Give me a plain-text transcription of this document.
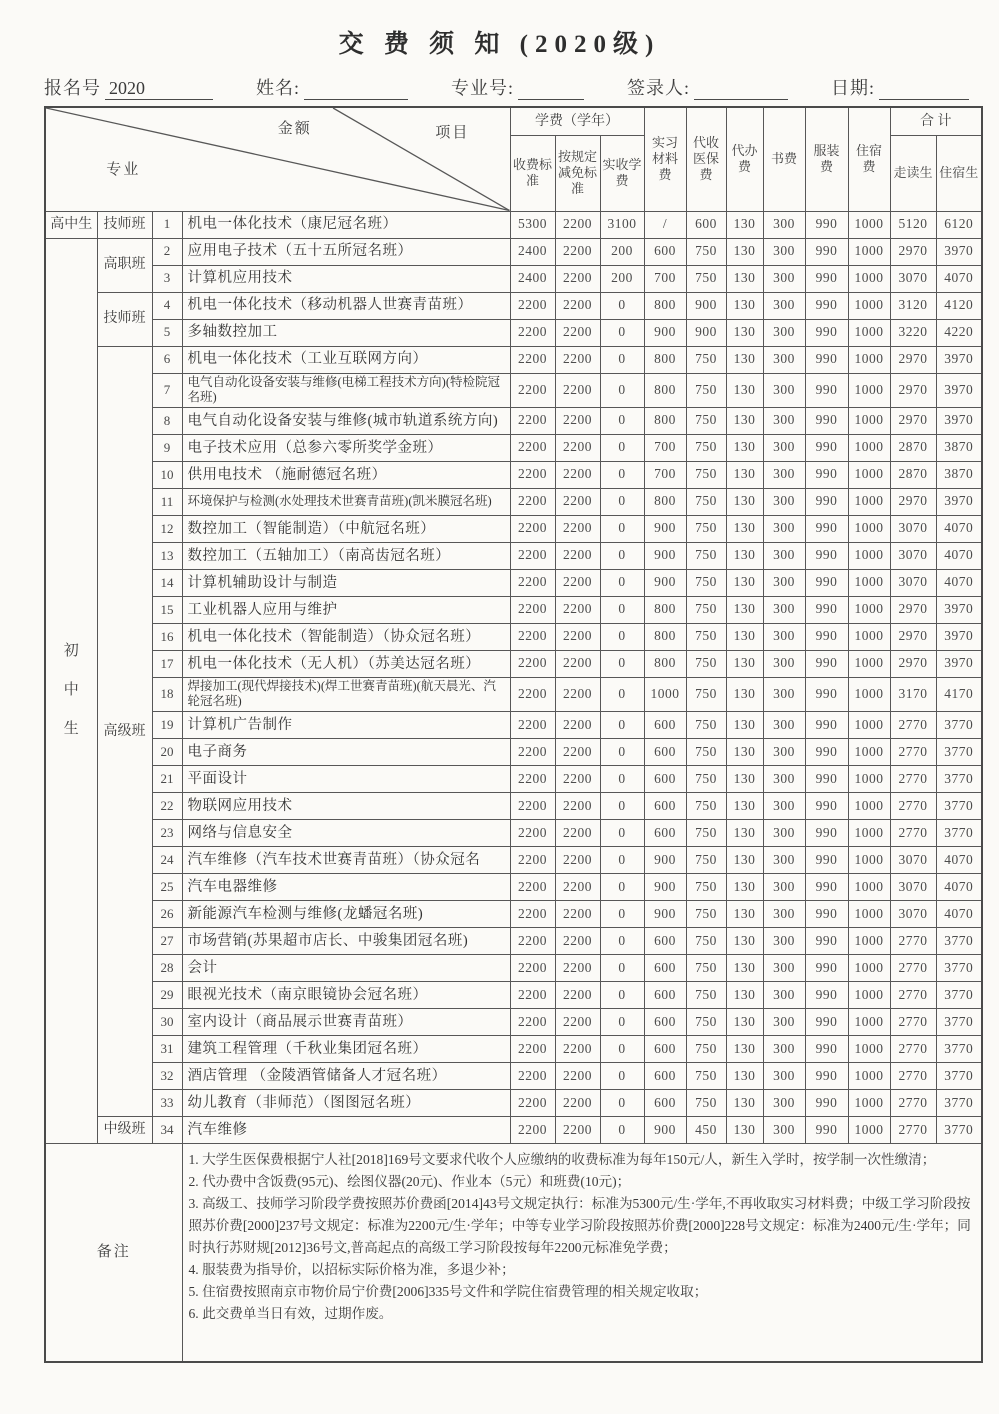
交 费 须 知 (2020级)
报名号 2020	姓名:	专业号:	签录人:	日期:
金额 项目
专业				学费（学年）			实习材料费	代收医保费	代办费	书费	服装费	住宿费	合 计	
				收费标准	按规定减免标准	实收学费							走读生	住宿生
高中生	技师班	1	机电一体化技术（康尼冠名班）	5300	2200	3100	/	600	130	300	990	1000	5120	6120

初
中
生	高职班	2	应用电子技术（五十五所冠名班）	2400	2200	200	600	750	130	300	990	1000	2970	3970
		3	计算机应用技术	2400	2200	200	700	750	130	300	990	1000	3070	4070
	技师班	4	机电一体化技术（移动机器人世赛青苗班）	2200	2200	0	800	900	130	300	990	1000	3120	4120
		5	多轴数控加工	2200	2200	0	900	900	130	300	990	1000	3220	4220
	高级班	6	机电一体化技术（工业互联网方向）	2200	2200	0	800	750	130	300	990	1000	2970	3970
		7	电气自动化设备安装与维修(电梯工程技术方向)(特检院冠名班)	2200	2200	0	800	750	130	300	990	1000	2970	3970
		8	电气自动化设备安装与维修(城市轨道系统方向)	2200	2200	0	800	750	130	300	990	1000	2970	3970
		9	电子技术应用（总参六零所奖学金班）	2200	2200	0	700	750	130	300	990	1000	2870	3870
		10	供用电技术 （施耐德冠名班）	2200	2200	0	700	750	130	300	990	1000	2870	3870
		11	环境保护与检测(水处理技术世赛青苗班)(凯米膜冠名班)	2200	2200	0	800	750	130	300	990	1000	2970	3970
		12	数控加工（智能制造）（中航冠名班）	2200	2200	0	900	750	130	300	990	1000	3070	4070
		13	数控加工（五轴加工）（南高齿冠名班）	2200	2200	0	900	750	130	300	990	1000	3070	4070
		14	计算机辅助设计与制造	2200	2200	0	900	750	130	300	990	1000	3070	4070
		15	工业机器人应用与维护	2200	2200	0	800	750	130	300	990	1000	2970	3970
		16	机电一体化技术（智能制造）（协众冠名班）	2200	2200	0	800	750	130	300	990	1000	2970	3970
		17	机电一体化技术（无人机）（苏美达冠名班）	2200	2200	0	800	750	130	300	990	1000	2970	3970
		18	焊接加工(现代焊接技术)(焊工世赛青苗班)(航天晨光、汽轮冠名班)	2200	2200	0	1000	750	130	300	990	1000	3170	4170
		19	计算机广告制作	2200	2200	0	600	750	130	300	990	1000	2770	3770
		20	电子商务	2200	2200	0	600	750	130	300	990	1000	2770	3770
		21	平面设计	2200	2200	0	600	750	130	300	990	1000	2770	3770
		22	物联网应用技术	2200	2200	0	600	750	130	300	990	1000	2770	3770
		23	网络与信息安全	2200	2200	0	600	750	130	300	990	1000	2770	3770
		24	汽车维修（汽车技术世赛青苗班）（协众冠名	2200	2200	0	900	750	130	300	990	1000	3070	4070
		25	汽车电器维修	2200	2200	0	900	750	130	300	990	1000	3070	4070
		26	新能源汽车检测与维修(龙蟠冠名班)	2200	2200	0	900	750	130	300	990	1000	3070	4070
		27	市场营销(苏果超市店长、中骏集团冠名班)	2200	2200	0	600	750	130	300	990	1000	2770	3770
		28	会计	2200	2200	0	600	750	130	300	990	1000	2770	3770
		29	眼视光技术（南京眼镜协会冠名班）	2200	2200	0	600	750	130	300	990	1000	2770	3770
		30	室内设计（商品展示世赛青苗班）	2200	2200	0	600	750	130	300	990	1000	2770	3770
		31	建筑工程管理（千秋业集团冠名班）	2200	2200	0	600	750	130	300	990	1000	2770	3770
		32	酒店管理 （金陵酒管储备人才冠名班）	2200	2200	0	600	750	130	300	990	1000	2770	3770
		33	幼儿教育（非师范）（图图冠名班）	2200	2200	0	600	750	130	300	990	1000	2770	3770
	中级班	34	汽车维修	2200	2200	0	900	450	130	300	990	1000	2770	3770
备注	
1. 大学生医保费根据宁人社[2018]169号文要求代收个人应缴纳的收费标准为每年150元/人，新生入学时，按学制一次性缴清；
2. 代办费中含饭费(95元)、绘图仪器(20元)、作业本（5元）和班费(10元)；
3. 高级工、技师学习阶段学费按照苏价费函[2014]43号文规定执行：标准为5300元/生·学年,不再收取实习材料费；中级工学习阶段按照苏价费[2000]237号文规定：标准为2200元/生·学年；中等专业学习阶段按照苏价费[2000]228号文规定：标准为2400元/生·学年；同时执行苏财规[2012]36号文,普高起点的高级工学习阶段按每年2200元标准免学费；
4. 服装费为指导价，以招标实际价格为准，多退少补；
5. 住宿费按照南京市物价局宁价费[2006]335号文件和学院住宿费管理的相关规定收取；
6. 此交费单当日有效，过期作废。
